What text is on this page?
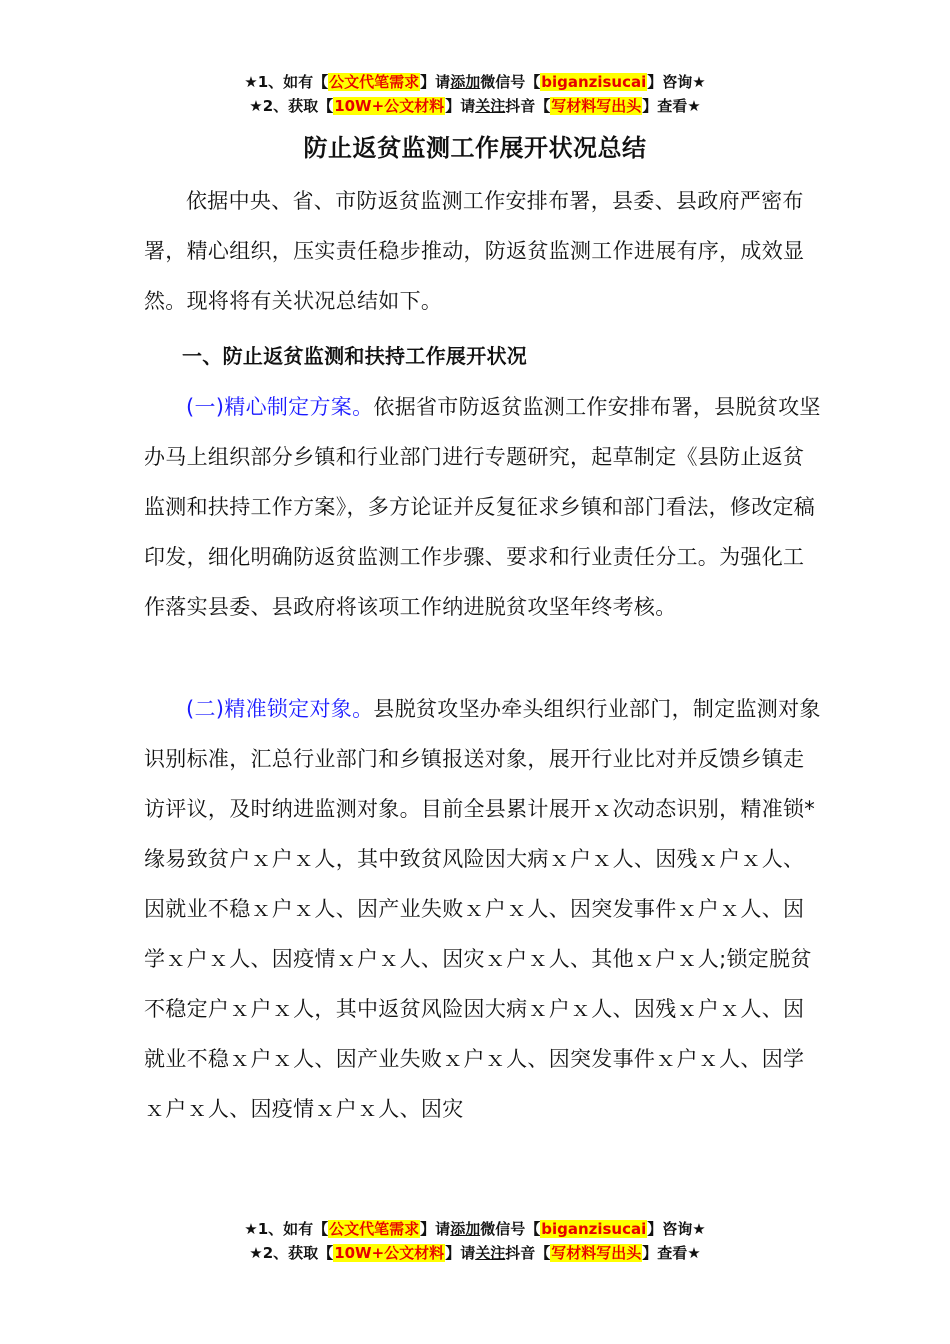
★1、如有【公文代笔需求】请添加微信号【biganzisucai】咨询★
★2、获取【10W+公文材料】请关注抖音【写材料写出头】查看★
防止返贫监测工作展开状况总结

依据中央、省、市防返贫监测工作安排布署，县委、县政府严密布署，精心组织，压实责任稳步推动，防返贫监测工作进展有序，成效显然。现将将有关状况总结如下。

一、防止返贫监测和扶持工作展开状况

(一)精心制定方案。依据省市防返贫监测工作安排布署，县脱贫攻坚办马上组织部分乡镇和行业部门进行专题研究，起草制定《县防止返贫监测和扶持工作方案》，多方论证并反复征求乡镇和部门看法，修改定稿印发，细化明确防返贫监测工作步骤、要求和行业责任分工。为强化工作落实县委、县政府将该项工作纳进脱贫攻坚年终考核。

(二)精准锁定对象。县脱贫攻坚办牵头组织行业部门，制定监测对象识别标准，汇总行业部门和乡镇报送对象，展开行业比对并反馈乡镇走访评议，及时纳进监测对象。目前全县累计展开ｘ次动态识别，精准锁*缘易致贫户ｘ户ｘ人，其中致贫风险因大病ｘ户ｘ人、因残ｘ户ｘ人、因就业不稳ｘ户ｘ人、因产业失败ｘ户ｘ人、因突发事件ｘ户ｘ人、因学ｘ户ｘ人、因疫情ｘ户ｘ人、因灾ｘ户ｘ人、其他ｘ户ｘ人;锁定脱贫不稳定户ｘ户ｘ人，其中返贫风险因大病ｘ户ｘ人、因残ｘ户ｘ人、因就业不稳ｘ户ｘ人、因产业失败ｘ户ｘ人、因突发事件ｘ户ｘ人、因学ｘ户ｘ人、因疫情ｘ户ｘ人、因灾

★1、如有【公文代笔需求】请添加微信号【biganzisucai】咨询★
★2、获取【10W+公文材料】请关注抖音【写材料写出头】查看★
